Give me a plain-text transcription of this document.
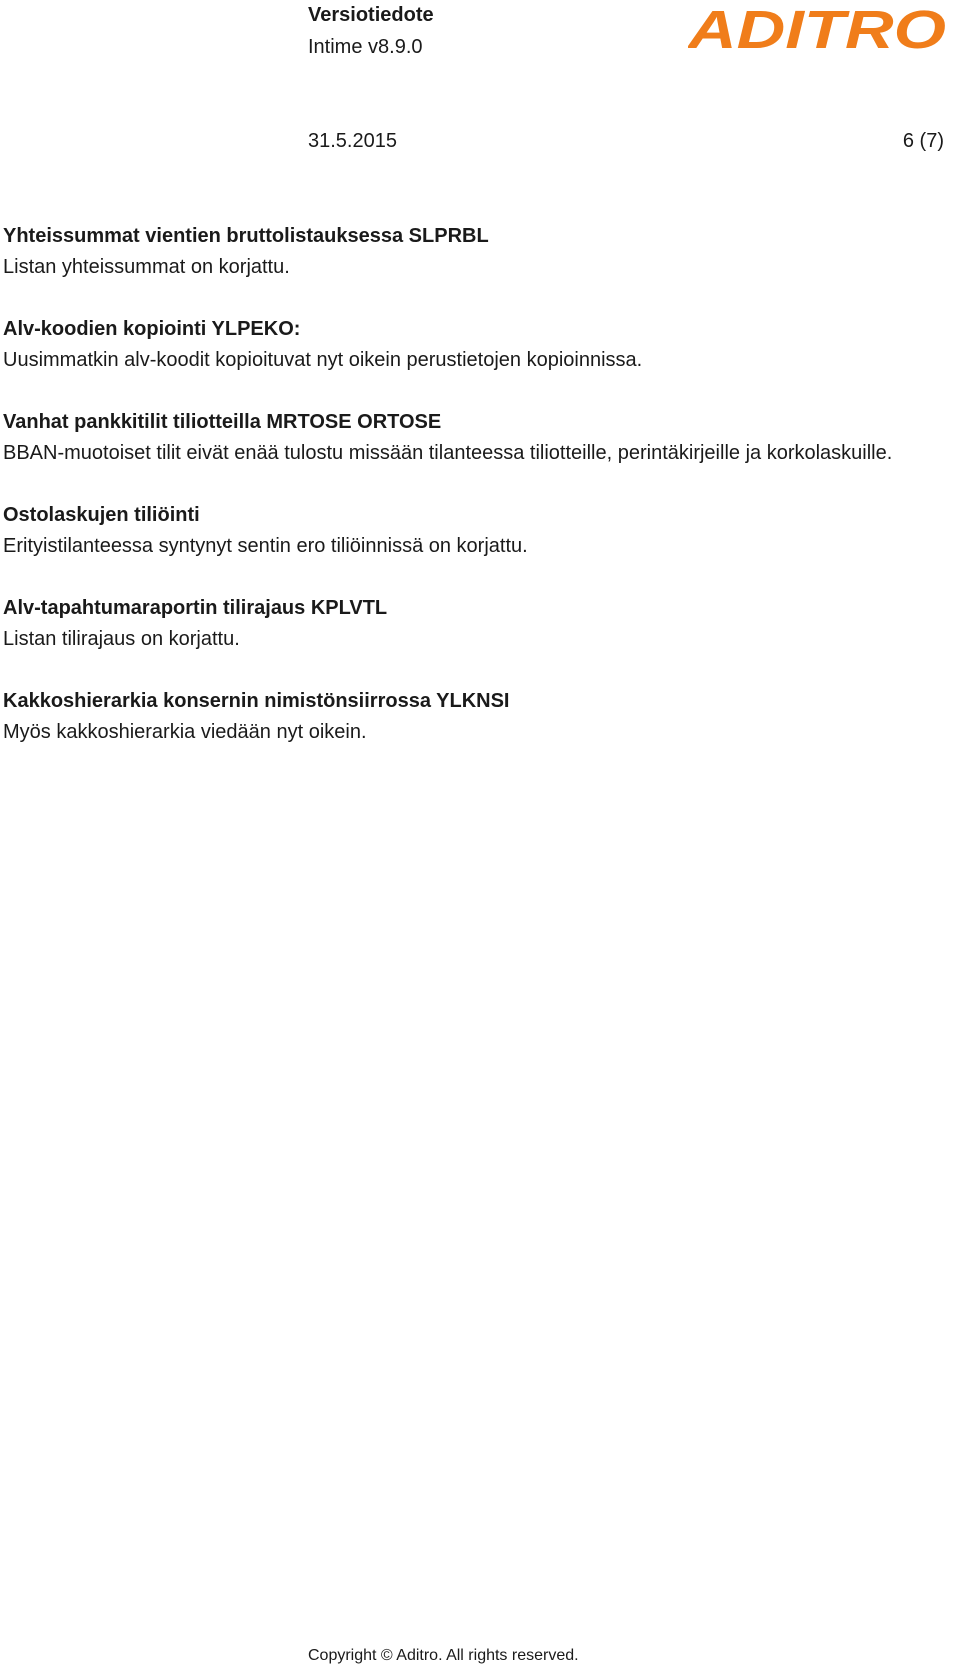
Versiotiedote
Intime v8.9.0	ADITRO
31.5.2015	6 (7)
Yhteissummat vientien bruttolistauksessa SLPRBL
Listan yhteissummat on korjattu.
Alv-koodien kopiointi YLPEKO:
Uusimmatkin alv-koodit kopioituvat nyt oikein perustietojen kopioinnissa.
Vanhat pankkitilit tiliotteilla MRTOSE ORTOSE
BBAN-muotoiset tilit eivät enää tulostu missään tilanteessa tiliotteille, perintäkirjeille ja korkolaskuille.
Ostolaskujen tiliöinti
Erityistilanteessa syntynyt sentin ero tiliöinnissä on korjattu.
Alv-tapahtumaraportin tilirajaus KPLVTL
Listan tilirajaus on korjattu.
Kakkoshierarkia konsernin nimistönsiirrossa YLKNSI
Myös kakkoshierarkia viedään nyt oikein.
Copyright © Aditro. All rights reserved.
